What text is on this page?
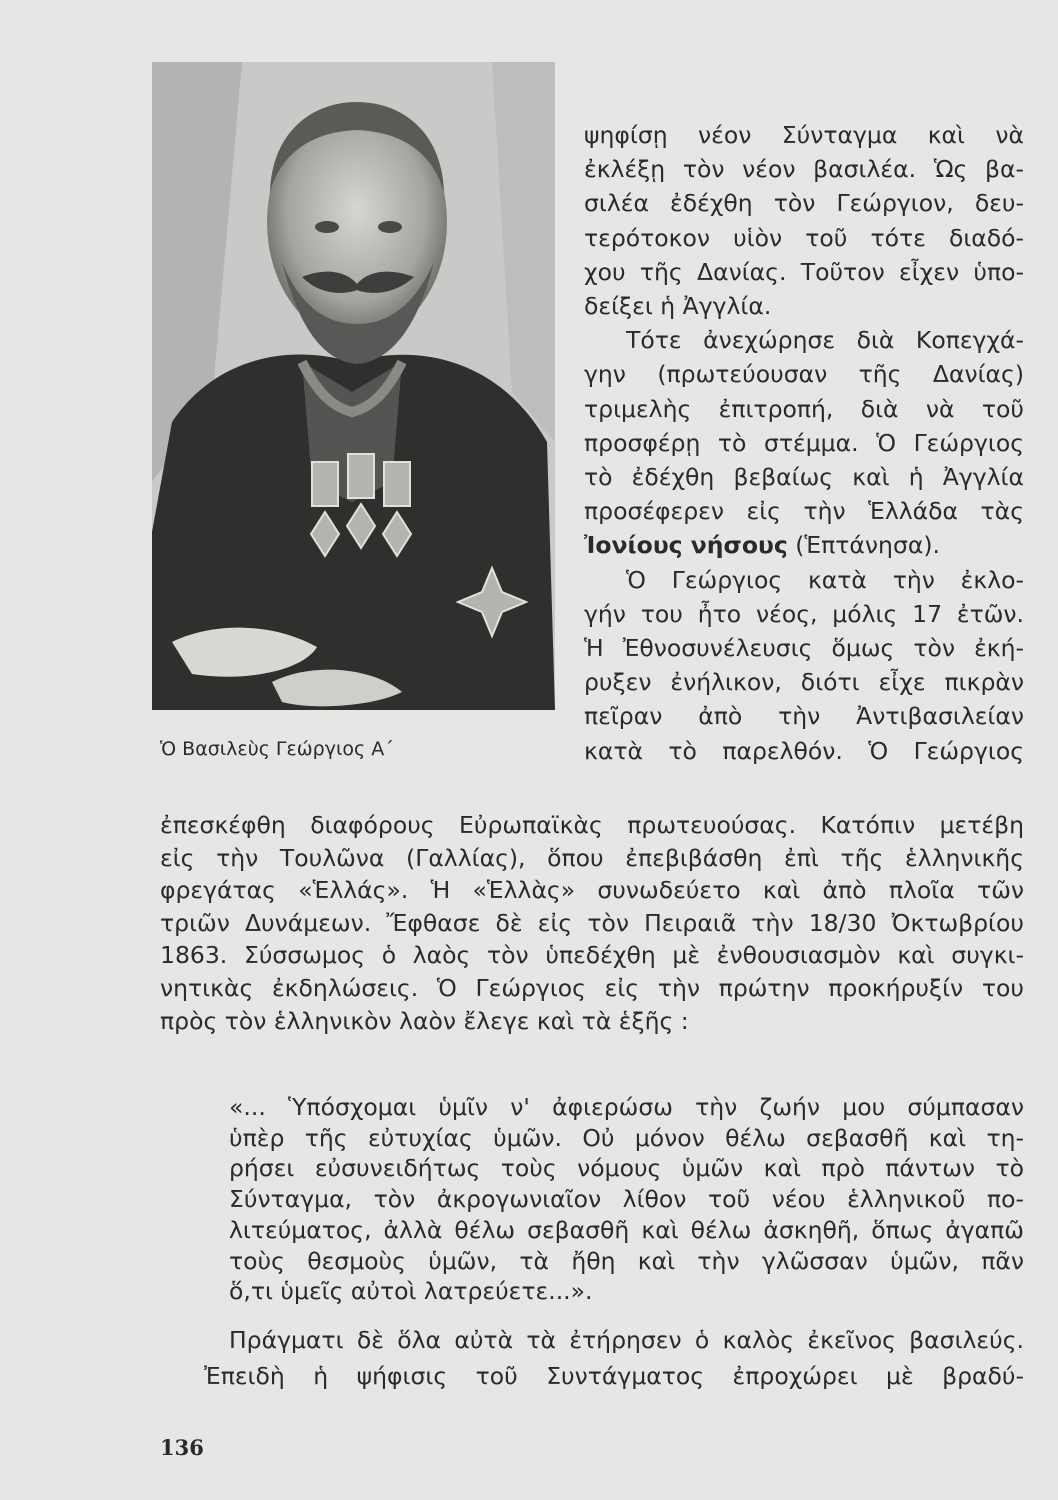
Ὁ Βασιλεὺς Γεώργιος Α΄
ψηφίσῃ νέον Σύνταγμα καὶ νὰ
ἐκλέξῃ τὸν νέον βασιλέα. Ὡς βα-
σιλέα ἐδέχθη τὸν Γεώργιον, δευ-
τερότοκον υἱὸν τοῦ τότε διαδό-
χου τῆς Δανίας. Τοῦτον εἶχεν ὑπο-
δείξει ἡ Ἀγγλία.
Τότε ἀνεχώρησε διὰ Κοπεγχά-
γην (πρωτεύουσαν τῆς Δανίας)
τριμελὴς ἐπιτροπή, διὰ νὰ τοῦ
προσφέρῃ τὸ στέμμα. Ὁ Γεώργιος
τὸ ἐδέχθη βεβαίως καὶ ἡ Ἀγγλία
προσέφερεν εἰς τὴν Ἑλλάδα τὰς
Ἰονίους νήσους (Ἑπτάνησα).
Ὁ Γεώργιος κατὰ τὴν ἐκλο-
γήν του ἦτο νέος, μόλις 17 ἐτῶν.
Ἡ Ἐθνοσυνέλευσις ὅμως τὸν ἐκή-
ρυξεν ἐνήλικον, διότι εἶχε πικρὰν
πεῖραν ἀπὸ τὴν Ἀντιβασιλείαν
κατὰ τὸ παρελθόν. Ὁ Γεώργιος
ἐπεσκέφθη διαφόρους Εὐρωπαϊκὰς πρωτευούσας. Κατόπιν μετέβη
εἰς τὴν Τουλῶνα (Γαλλίας), ὅπου ἐπεβιβάσθη ἐπὶ τῆς ἑλληνικῆς
φρεγάτας «Ἑλλάς». Ἡ «Ἑλλὰς» συνωδεύετο καὶ ἀπὸ πλοῖα τῶν
τριῶν Δυνάμεων. Ἔφθασε δὲ εἰς τὸν Πειραιᾶ τὴν 18/30 Ὀκτωβρίου
1863. Σύσσωμος ὁ λαὸς τὸν ὑπεδέχθη μὲ ἐνθουσιασμὸν καὶ συγκι-
νητικὰς ἐκδηλώσεις. Ὁ Γεώργιος εἰς τὴν πρώτην προκήρυξίν του
πρὸς τὸν ἑλληνικὸν λαὸν ἔλεγε καὶ τὰ ἑξῆς :
«... Ὑπόσχομαι ὑμῖν ν' ἀφιερώσω τὴν ζωήν μου σύμπασαν
ὑπὲρ τῆς εὐτυχίας ὑμῶν. Οὐ μόνον θέλω σεβασθῆ καὶ τη-
ρήσει εὐσυνειδήτως τοὺς νόμους ὑμῶν καὶ πρὸ πάντων τὸ
Σύνταγμα, τὸν ἀκρογωνιαῖον λίθον τοῦ νέου ἑλληνικοῦ πο-
λιτεύματος, ἀλλὰ θέλω σεβασθῆ καὶ θέλω ἀσκηθῆ, ὅπως ἀγαπῶ
τοὺς θεσμοὺς ὑμῶν, τὰ ἤθη καὶ τὴν γλῶσσαν ὑμῶν, πᾶν
ὅ,τι ὑμεῖς αὐτοὶ λατρεύετε...».
Πράγματι δὲ ὅλα αὐτὰ τὰ ἐτήρησεν ὁ καλὸς ἐκεῖνος βασιλεύς.
Ἐπειδὴ ἡ ψήφισις τοῦ Συντάγματος ἐπροχώρει μὲ βραδύ-
136
